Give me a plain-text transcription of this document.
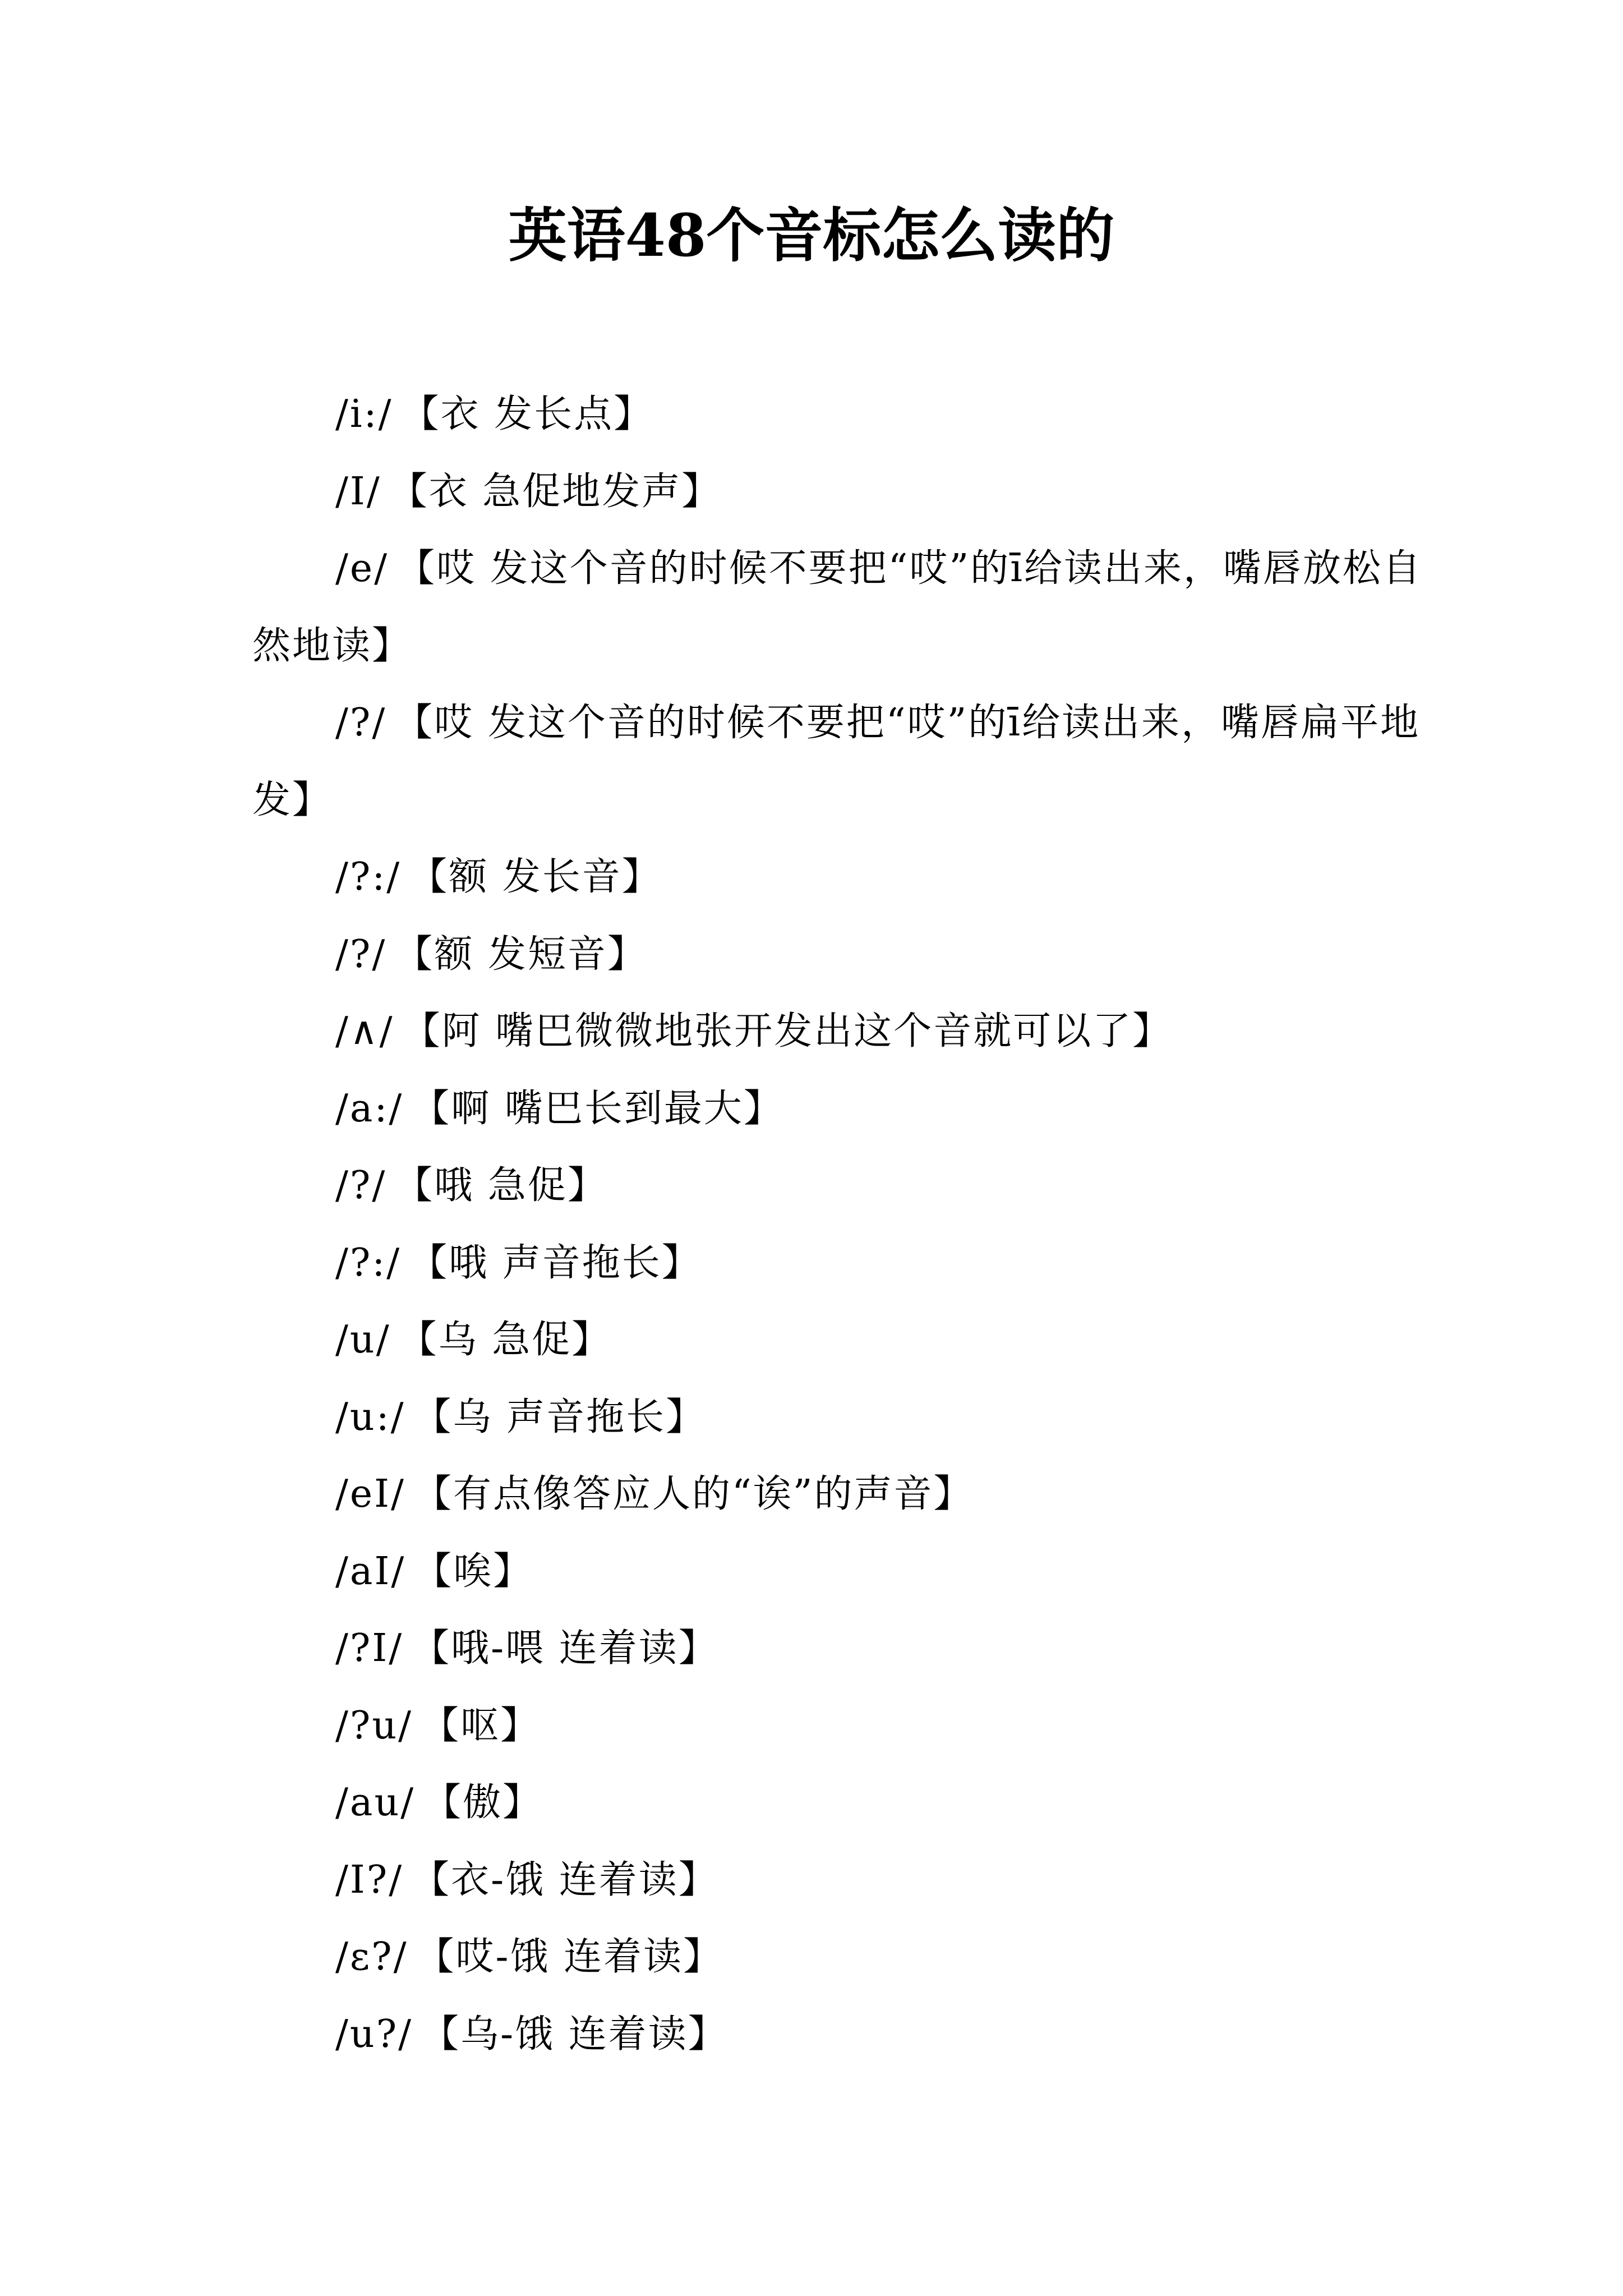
英语48个音标怎么读的

/i:/ 【衣 发长点】

/I/ 【衣 急促地发声】

/e/ 【哎 发这个音的时候不要把“哎”的ī给读出来，嘴唇放松自然地读】

/?/ 【哎 发这个音的时候不要把“哎”的ī给读出来，嘴唇扁平地发】

/?:/ 【额 发长音】

/?/ 【额 发短音】

/∧/ 【阿 嘴巴微微地张开发出这个音就可以了】

/a:/ 【啊 嘴巴长到最大】

/?/ 【哦 急促】

/?:/ 【哦 声音拖长】

/u/ 【乌 急促】

/u:/ 【乌 声音拖长】

/eI/ 【有点像答应人的“诶”的声音】

/aI/ 【唉】

/?I/ 【哦-喂 连着读】

/?u/ 【呕】

/au/ 【傲】

/I?/ 【衣-饿 连着读】

/ε?/ 【哎-饿 连着读】

/u?/ 【乌-饿 连着读】
